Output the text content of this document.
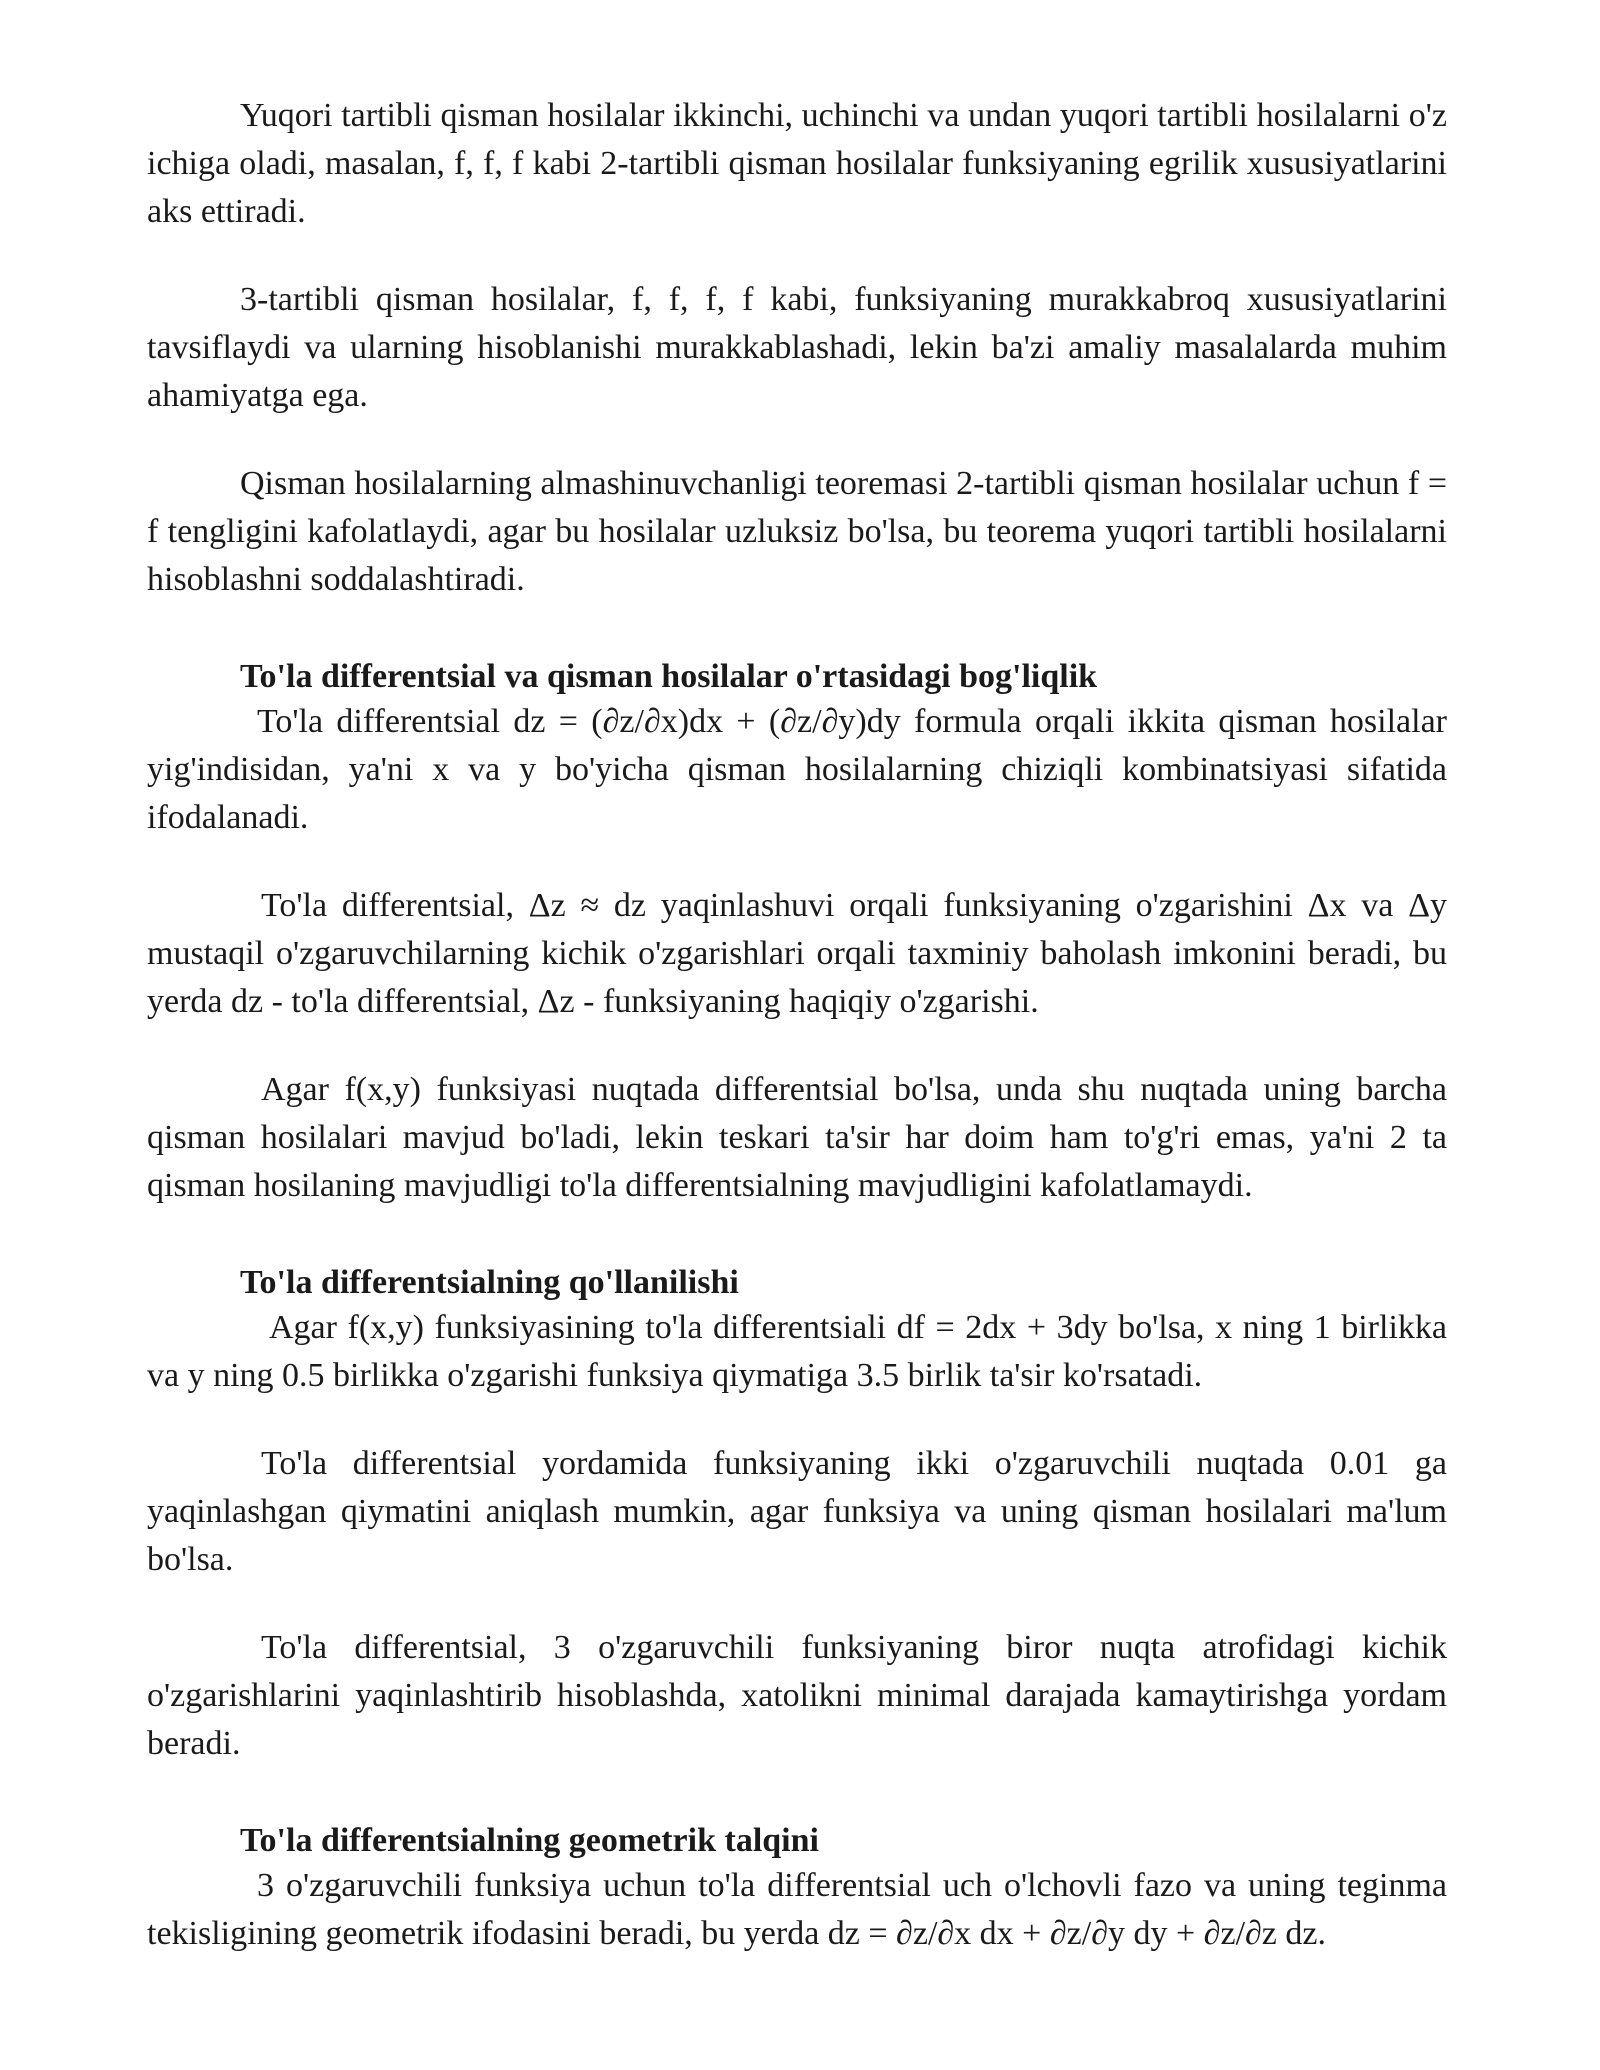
Yuqori tartibli qisman hosilalar ikkinchi, uchinchi va undan yuqori tartibli hosilalarni o'z ichiga oladi, masalan, f, f, f kabi 2-tartibli qisman hosilalar funksiyaning egrilik xususiyatlarini aks ettiradi.

3-tartibli qisman hosilalar, f, f, f, f kabi, funksiyaning murakkabroq xususiyatlarini tavsiflaydi va ularning hisoblanishi murakkablashadi, lekin ba'zi amaliy masalalarda muhim ahamiyatga ega.

Qisman hosilalarning almashinuvchanligi teoremasi 2-tartibli qisman hosilalar uchun f = f tengligini kafolatlaydi, agar bu hosilalar uzluksiz bo'lsa, bu teorema yuqori tartibli hosilalarni hisoblashni soddalashtiradi.

To'la differentsial va qisman hosilalar o'rtasidagi bog'liqlik

To'la differentsial dz = (∂z/∂x)dx + (∂z/∂y)dy formula orqali ikkita qisman hosilalar yig'indisidan, ya'ni x va y bo'yicha qisman hosilalarning chiziqli kombinatsiyasi sifatida ifodalanadi.

To'la differentsial, Δz ≈ dz yaqinlashuvi orqali funksiyaning o'zgarishini Δx va Δy mustaqil o'zgaruvchilarning kichik o'zgarishlari orqali taxminiy baholash imkonini beradi, bu yerda dz - to'la differentsial, Δz - funksiyaning haqiqiy o'zgarishi.

Agar f(x,y) funksiyasi nuqtada differentsial bo'lsa, unda shu nuqtada uning barcha qisman hosilalari mavjud bo'ladi, lekin teskari ta'sir har doim ham to'g'ri emas, ya'ni 2 ta qisman hosilaning mavjudligi to'la differentsialning mavjudligini kafolatlamaydi.

To'la differentsialning qo'llanilishi

Agar f(x,y) funksiyasining to'la differentsiali df = 2dx + 3dy bo'lsa, x ning 1 birlikka va y ning 0.5 birlikka o'zgarishi funksiya qiymatiga 3.5 birlik ta'sir ko'rsatadi.

To'la differentsial yordamida funksiyaning ikki o'zgaruvchili nuqtada 0.01 ga yaqinlashgan qiymatini aniqlash mumkin, agar funksiya va uning qisman hosilalari ma'lum bo'lsa.

To'la differentsial, 3 o'zgaruvchili funksiyaning biror nuqta atrofidagi kichik o'zgarishlarini yaqinlashtirib hisoblashda, xatolikni minimal darajada kamaytirishga yordam beradi.

To'la differentsialning geometrik talqini

3 o'zgaruvchili funksiya uchun to'la differentsial uch o'lchovli fazo va uning teginma tekisligining geometrik ifodasini beradi, bu yerda dz = ∂z/∂x dx + ∂z/∂y dy + ∂z/∂z dz.
